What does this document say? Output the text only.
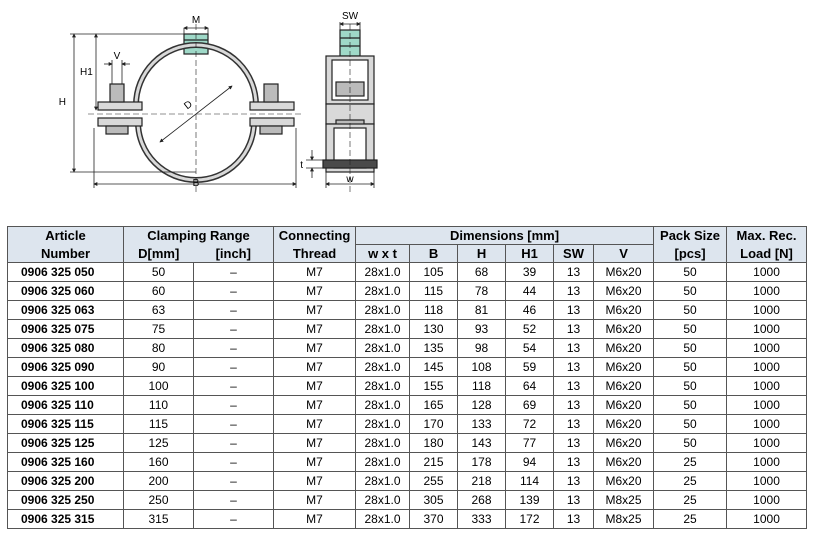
M
V
H1
H	D
B
SW
t
w
Article	Clamping Range		Connecting	Dimensions [mm]						Pack Size	Max. Rec.
Number	D[mm]	[inch]	Thread	w x t	B	H	H1	SW	V	[pcs]	Load [N]
0906 325 050	50	–	M7	28x1.0	105	68	39	13	M6x20	50	1000
0906 325 060	60	–	M7	28x1.0	115	78	44	13	M6x20	50	1000
0906 325 063	63	–	M7	28x1.0	118	81	46	13	M6x20	50	1000
0906 325 075	75	–	M7	28x1.0	130	93	52	13	M6x20	50	1000
0906 325 080	80	–	M7	28x1.0	135	98	54	13	M6x20	50	1000
0906 325 090	90	–	M7	28x1.0	145	108	59	13	M6x20	50	1000
0906 325 100	100	–	M7	28x1.0	155	118	64	13	M6x20	50	1000
0906 325 110	110	–	M7	28x1.0	165	128	69	13	M6x20	50	1000
0906 325 115	115	–	M7	28x1.0	170	133	72	13	M6x20	50	1000
0906 325 125	125	–	M7	28x1.0	180	143	77	13	M6x20	50	1000
0906 325 160	160	–	M7	28x1.0	215	178	94	13	M6x20	25	1000
0906 325 200	200	–	M7	28x1.0	255	218	114	13	M6x20	25	1000
0906 325 250	250	–	M7	28x1.0	305	268	139	13	M8x25	25	1000
0906 325 315	315	–	M7	28x1.0	370	333	172	13	M8x25	25	1000
